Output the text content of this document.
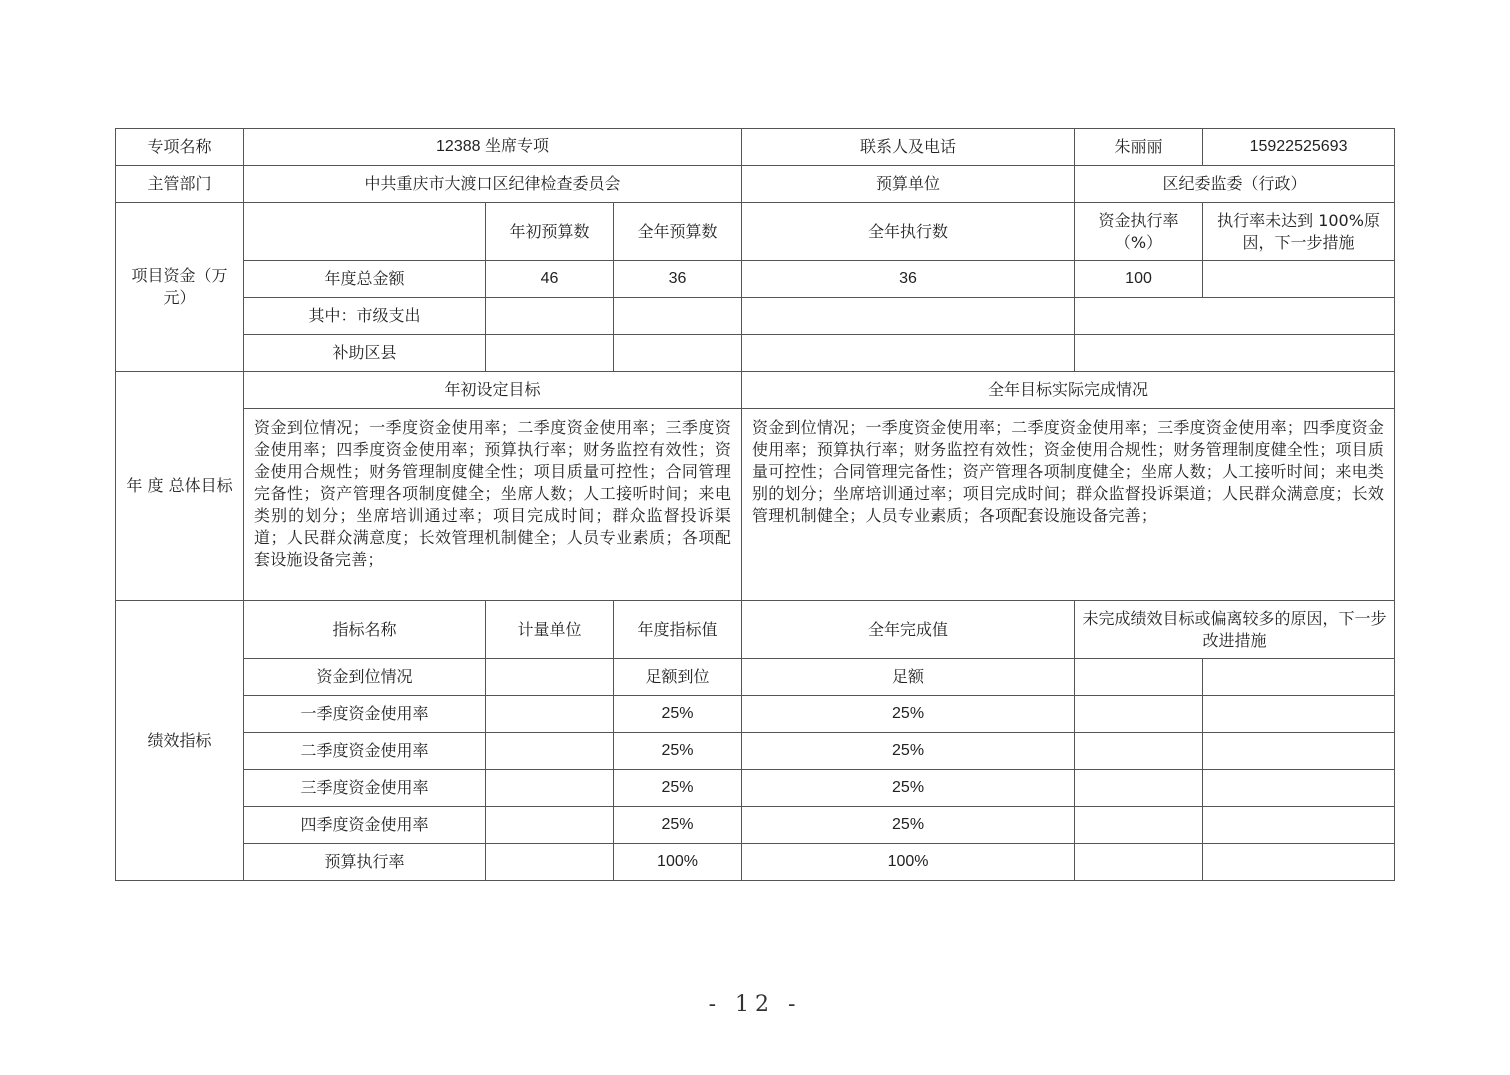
专项名称	12388 坐席专项			联系人及电话	朱丽丽	15922525693
主管部门	中共重庆市大渡口区纪律检查委员会			预算单位	区纪委监委（行政）	
项目资金（万元）		年初预算数	全年预算数	全年执行数	资金执行率（%）	执行率未达到 100%原因，下一步措施
	年度总金额	46	36	36	100	
	其中：市级支出					
	补助区县					
年 度 总体目标	年初设定目标			全年目标实际完成情况		
	资金到位情况；一季度资金使用率；二季度资金使用率；三季度资金使用率；四季度资金使用率；预算执行率；财务监控有效性；资金使用合规性；财务管理制度健全性；项目质量可控性；合同管理完备性；资产管理各项制度健全；坐席人数；人工接听时间；来电类别的划分；坐席培训通过率；项目完成时间；群众监督投诉渠道；人民群众满意度；长效管理机制健全；人员专业素质；各项配套设施设备完善；			资金到位情况；一季度资金使用率；二季度资金使用率；三季度资金使用率；四季度资金使用率；预算执行率；财务监控有效性；资金使用合规性；财务管理制度健全性；项目质量可控性；合同管理完备性；资产管理各项制度健全；坐席人数；人工接听时间；来电类别的划分；坐席培训通过率；项目完成时间；群众监督投诉渠道；人民群众满意度；长效管理机制健全；人员专业素质；各项配套设施设备完善；		
绩效指标	指标名称	计量单位	年度指标值	全年完成值	未完成绩效目标或偏离较多的原因，下一步改进措施	
	资金到位情况		足额到位	足额		
	一季度资金使用率		25%	25%		
	二季度资金使用率		25%	25%		
	三季度资金使用率		25%	25%		
	四季度资金使用率		25%	25%		
	预算执行率		100%	100%		
- 12 -
